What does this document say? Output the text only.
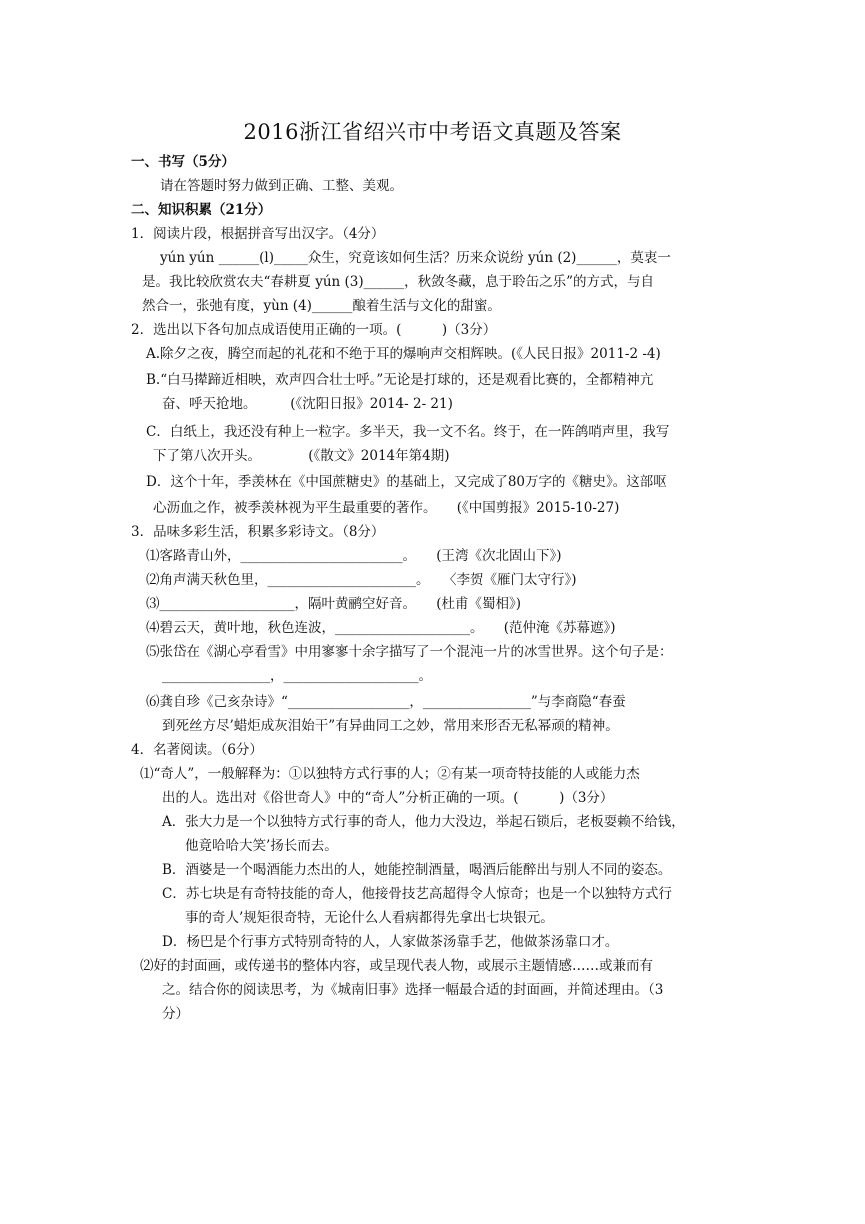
2016浙江省绍兴市中考语文真题及答案
一、书写（5分）
请在答题时努力做到正确、工整、美观。
二、知识积累（21分）
1．阅读片段，根据拼音写出汉字。（4分）
yún yún ______(l)_____众生，究竟该如何生活？历来众说纷 yún (2)______，莫衷一
是。我比较欣赏农夫“春耕夏 yún (3)______，秋敛冬藏，息于聆缶之乐”的方式，与自
然合一，张弛有度，yùn (4)______酿着生活与文化的甜蜜。
2．选出以下各句加点成语使用正确的一项。(　　　)（3分）
A.除夕之夜，腾空而起的礼花和不绝于耳的爆响声交相辉映。(《人民日报》2011-2 -4)
B.“白马撵蹄近相映，欢声四合壮士呼。”无论是打球的，还是观看比赛的，全都精神亢
奋、呼天抢地。　　　(《沈阳日报》2014- 2- 21)
C．白纸上，我还没有种上一粒字。多半天，我一文不名。终于，在一阵鸽哨声里，我写
下了第八次开头。　　　　(《散文》2014年第4期)
D．这个十年，季羡林在《中国蔗糖史》的基础上，又完成了80万字的《糖史》。这部呕
心沥血之作，被季羡林视为平生最重要的著作。　　(《中国剪报》2015-10-27)
3．品味多彩生活，积累多彩诗文。（8分）
⑴客路青山外，________________________。　　(王湾《次北固山下》)
⑵角声满天秋色里，______________________。　　〈李贺《雁门太守行》)
⑶____________________，隔叶黄鹂空好音。　　(杜甫《蜀相》)
⑷碧云天，黄叶地，秋色连波，____________________。　　(范仲淹《苏幕遮》)
⑸张岱在《湖心亭看雪》中用寥寥十余字描写了一个混沌一片的冰雪世界。这个句子是：
________________，____________________。
⑹龚自珍《己亥杂诗》“__________________，________________”与李商隐“春蚕
到死丝方尽’蜡炬成灰泪始干”有异曲同工之妙，常用来形否无私幂顽的精神。
4．名著阅读。（6分）
⑴“奇人”，一般解释为：①以独特方式行事的人；②有某一项奇特技能的人或能力杰
出的人。选出对《俗世奇人》中的“奇人”分析正确的一项。(　　　)（3分）
A．张大力是一个以独特方式行事的奇人，他力大没边，举起石锁后，老板耍赖不给钱，
他竟哈哈大笑’扬长而去。
B．酒婆是一个喝酒能力杰出的人，她能控制酒量，喝酒后能醉出与别人不同的姿态。
C．苏七块是有奇特技能的奇人，他接骨技艺高超得令人惊奇；也是一个以独特方式行
事的奇人’规矩很奇特，无论什么人看病都得先拿出七块银元。
D．杨巴是个行事方式特别奇特的人，人家做茶汤靠手艺，他做茶汤靠口才。
⑵好的封面画，或传递书的整体内容，或呈现代表人物，或展示主题情感……或兼而有
之。结合你的阅读思考，为《城南旧事》选择一幅最合适的封面画，并简述理由。（3
分）
